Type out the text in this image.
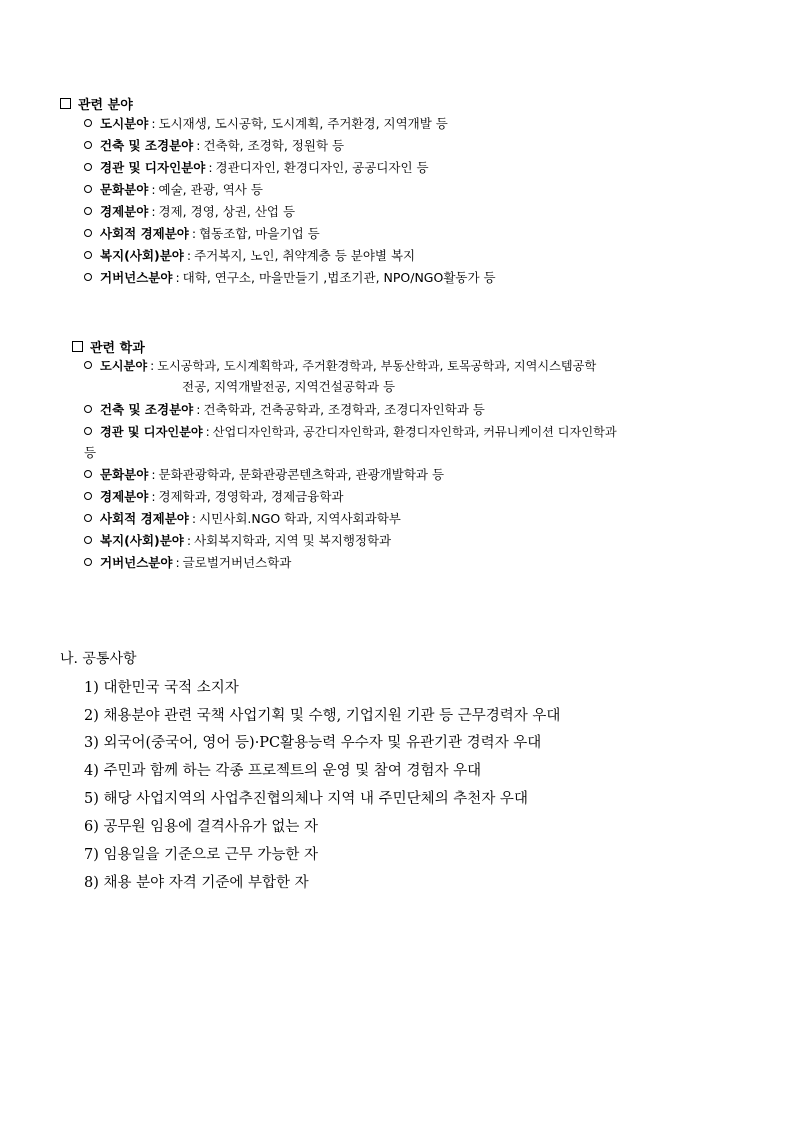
관련 분야
도시분야 : 도시재생, 도시공학, 도시계획, 주거환경, 지역개발 등
건축 및 조경분야 : 건축학, 조경학, 정원학 등
경관 및 디자인분야 : 경관디자인, 환경디자인, 공공디자인 등
문화분야 : 예술, 관광, 역사 등
경제분야 : 경제, 경영, 상권, 산업 등
사회적 경제분야 : 협동조합, 마을기업 등
복지(사회)분야 : 주거복지, 노인, 취약계층 등 분야별 복지
거버넌스분야 : 대학, 연구소, 마을만들기 ,법조기관, NPO/NGO활동가 등
관련 학과
도시분야 : 도시공학과, 도시계획학과, 주거환경학과, 부동산학과, 토목공학과, 지역시스템공학
전공, 지역개발전공, 지역건설공학과 등
건축 및 조경분야 : 건축학과, 건축공학과, 조경학과, 조경디자인학과 등
경관 및 디자인분야 : 산업디자인학과, 공간디자인학과, 환경디자인학과, 커뮤니케이션 디자인학과
등
문화분야 : 문화관광학과, 문화관광콘텐츠학과, 관광개발학과 등
경제분야 : 경제학과, 경영학과, 경제금융학과
사회적 경제분야 : 시민사회.NGO 학과, 지역사회과학부
복지(사회)분야 : 사회복지학과, 지역 및 복지행정학과
거버넌스분야 : 글로벌거버넌스학과
나. 공통사항
1) 대한민국 국적 소지자
2) 채용분야 관련 국책 사업기획 및 수행, 기업지원 기관 등 근무경력자 우대
3) 외국어(중국어, 영어 등)·PC활용능력 우수자 및 유관기관 경력자 우대
4) 주민과 함께 하는 각종 프로젝트의 운영 및 참여 경험자 우대
5) 해당 사업지역의 사업추진협의체나 지역 내 주민단체의 추천자 우대
6) 공무원 임용에 결격사유가 없는 자
7) 임용일을 기준으로 근무 가능한 자
8) 채용 분야 자격 기준에 부합한 자
